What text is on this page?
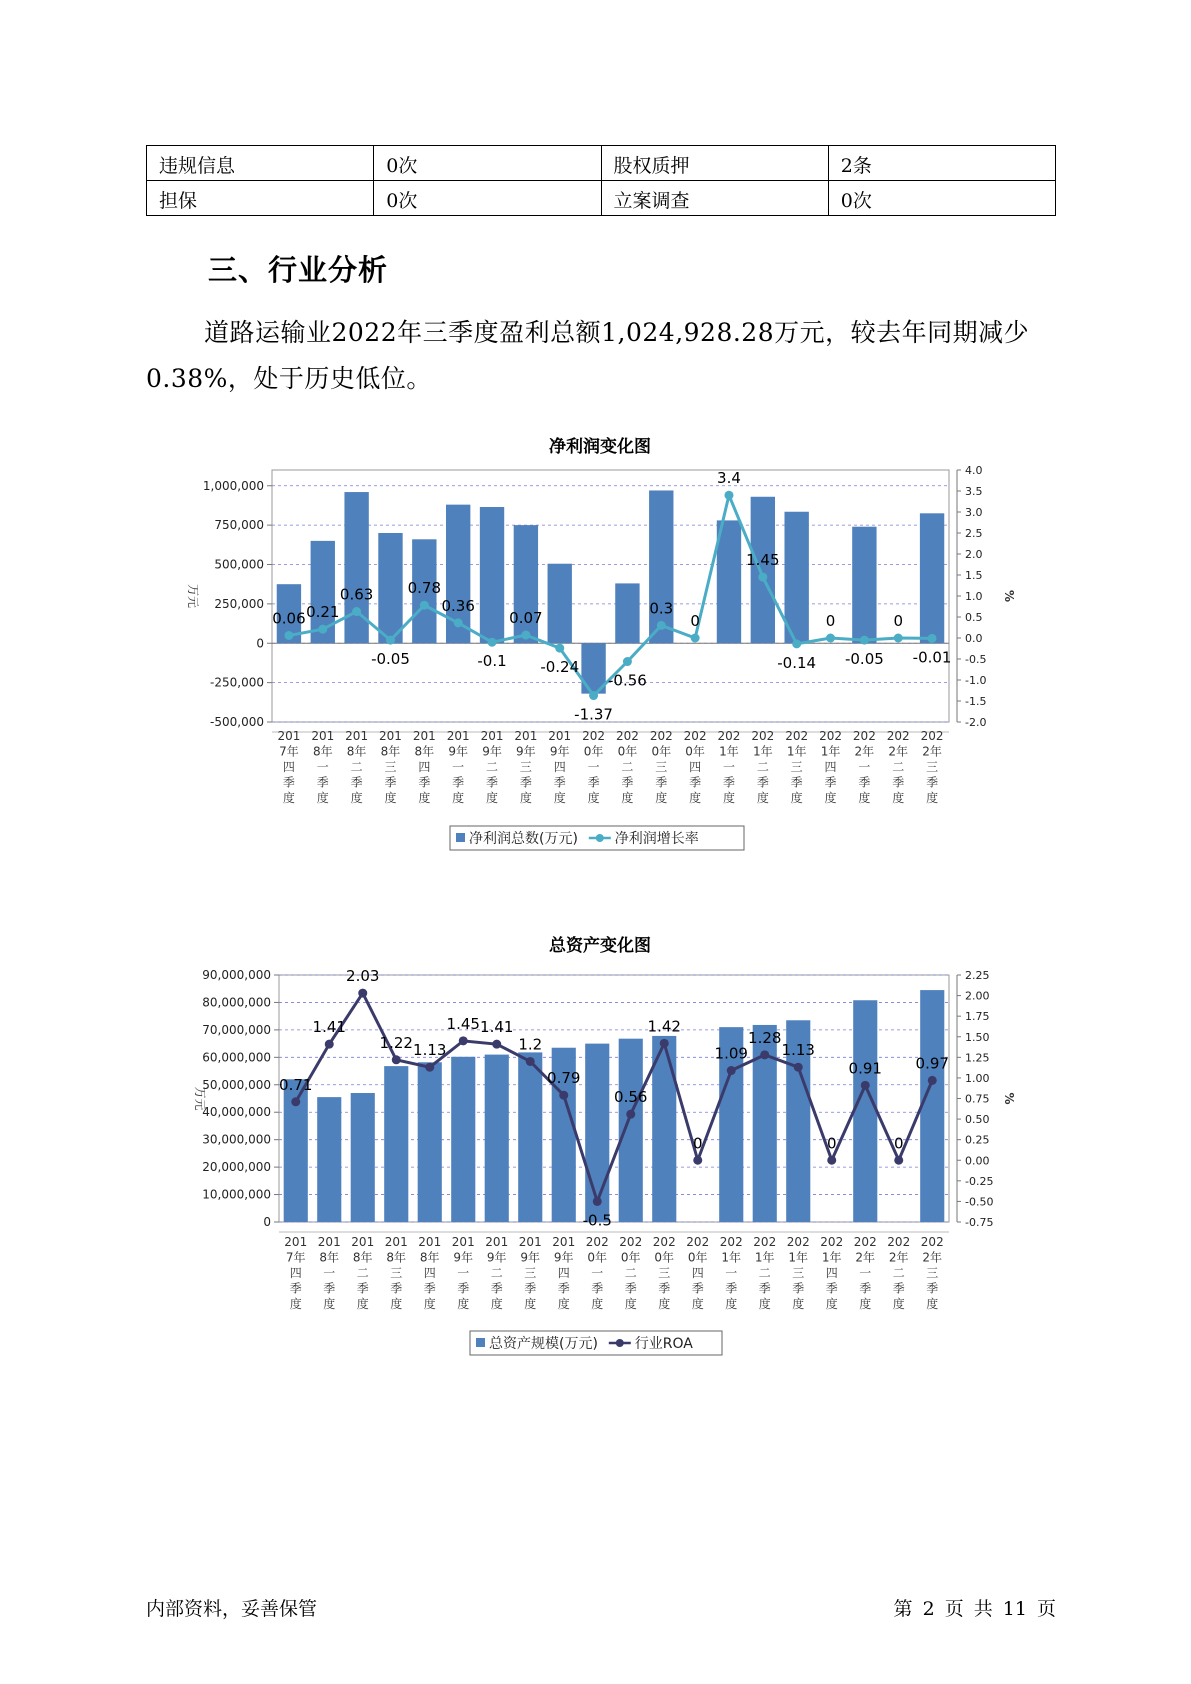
违规信息	0次	股权质押	2条
担保	0次	立案调查	0次
三、行业分析

道路运输业2022年三季度盈利总额1,024,928.28万元，较去年同期减少0.38%，处于历史低位。

净利润变化图
-500,000
-250,000
0
250,000
500,000
750,000
1,000,000
4.0
3.5
3.0
2.5
2.0
1.5
1.0
0.5
0.0
-0.5
-1.0
-1.5
-2.0
万元	%
0.06 0.21
0.63
-0.05
0.78
0.36
-0.1
0.07
-0.24
-1.37
-0.56
0.3
0
3.4
1.45
-0.14
0
-0.05
0
-0.01
201
7年
四
季
度
201
8年
一
季
度
201
8年
二
季
度
201
8年
三
季
度
201
8年
四
季
度
201
9年
一
季
度
201
9年
二
季
度
201
9年
三
季
度
201
9年
四
季
度
202
0年
一
季
度
202
0年
二
季
度
202
0年
三
季
度
202
0年
四
季
度
202
1年
一
季
度
202
1年
二
季
度
202
1年
三
季
度
202
1年
四
季
度
202
2年
一
季
度
202
2年
二
季
度
202
2年
三
季
度
净利润总数(万元)	净利润增长率
总资产变化图
0
10,000,000
20,000,000
30,000,000
40,000,000
50,000,000
60,000,000
70,000,000
80,000,000
90,000,000	2.25
2.00
1.75
1.50
1.25
1.00
0.75
0.50
0.25
0.00
-0.25
-0.50
-0.75
万元	%
0.71
1.41
2.03
1.22 1.13
1.45 1.41
1.2
0.79
-0.5
0.56
1.42
0
1.09
1.28
1.13
0
0.91
0
0.97
201
7年
四
季
度
201
8年
一
季
度
201
8年
二
季
度
201
8年
三
季
度
201
8年
四
季
度
201
9年
一
季
度
201
9年
二
季
度
201
9年
三
季
度
201
9年
四
季
度
202
0年
一
季
度
202
0年
二
季
度
202
0年
三
季
度
202
0年
四
季
度
202
1年
一
季
度
202
1年
二
季
度
202
1年
三
季
度
202
1年
四
季
度
202
2年
一
季
度
202
2年
二
季
度
202
2年
三
季
度
总资产规模(万元)	行业ROA
内部资料，妥善保管	第 2 页 共 11 页
